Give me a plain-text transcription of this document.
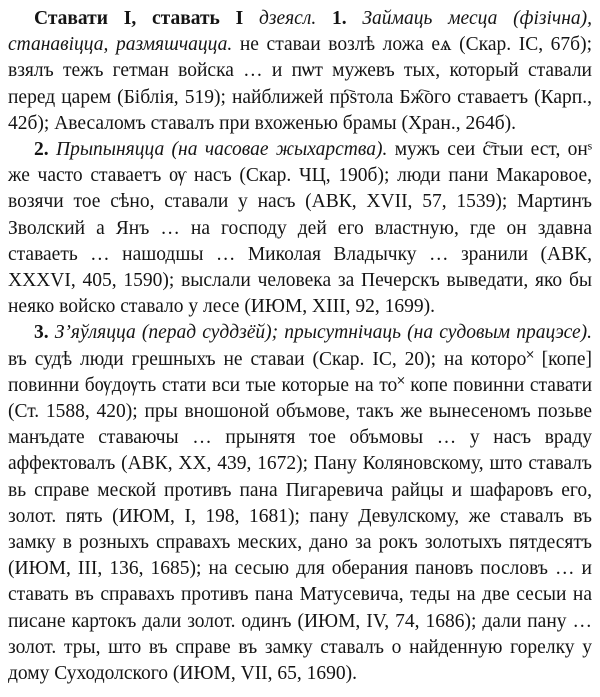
Ставати І, ставать І дзеясл. 1. Займаць месца (фізічна), станавіцца, размяшчацца. не ставаи возлѣ ложа еѧ (Скар. IC, 67б); взялъ тежъ гетман войска … и пѡт мужевъ тых, который ставали перед царем (Біблія, 519); найближей пр҇ѕтола Бж҇ого ставаетъ (Карп., 42б); Авесаломъ ставалъ при вхоженью брамы (Хран., 264б).

2. Прыпыняцца (на часовае жыхарства). мужъ сеи с҇тыи ест, онˢ же часто ставаетъ ѹ насъ (Скар. ЧЦ, 190б); люди пани Макаровое, возячи тое сѣно, ставали у насъ (АВК, XVII, 57, 1539); Мартинъ Зволский а Янъ … на господу дей его властную, где он здавна ставаеть … нашодшы … Миколая Владычку … зранили (АВК, XXXVI, 405, 1590); выслали человека за Печерскъ выведати, яко бы неяко войско ставало у лесе (ИЮМ, XIII, 92, 1699).

3. З’яўляцца (перад суддзёй); прысутнічаць (на судовым працэсе). въ судѣ люди грешныхъ не ставаи (Скар. IC, 20); на которо˟ [копе] повинни бѹдѹть стати вси тые которые на то˟ копе повинни ставати (Ст. 1588, 420); пры вношоной объмове, такъ же вынесеномъ позьве манъдате ставаючы … прынятя тое объмовы … у насъ враду аффектовалъ (АВК, XX, 439, 1672); Пану Коляновскому, што ставалъ вь справе меской противъ пана Пигаревича райцы и шафаровъ его, золот. пять (ИЮМ, І, 198, 1681); пану Девулскому, же ставалъ въ замку в розныхъ справахъ меских, дано за рокъ золотыхъ пятдесятъ (ИЮМ, III, 136, 1685); на сесыю для оберания пановъ пословъ … и ставать въ справахъ противъ пана Матусевича, теды на две сесыи на писане картокъ дали золот. одинъ (ИЮМ, IV, 74, 1686); дали пану … золот. тры, што въ справе въ замку ставалъ о найденную горелку у дому Суходолского (ИЮМ, VII, 65, 1690).
